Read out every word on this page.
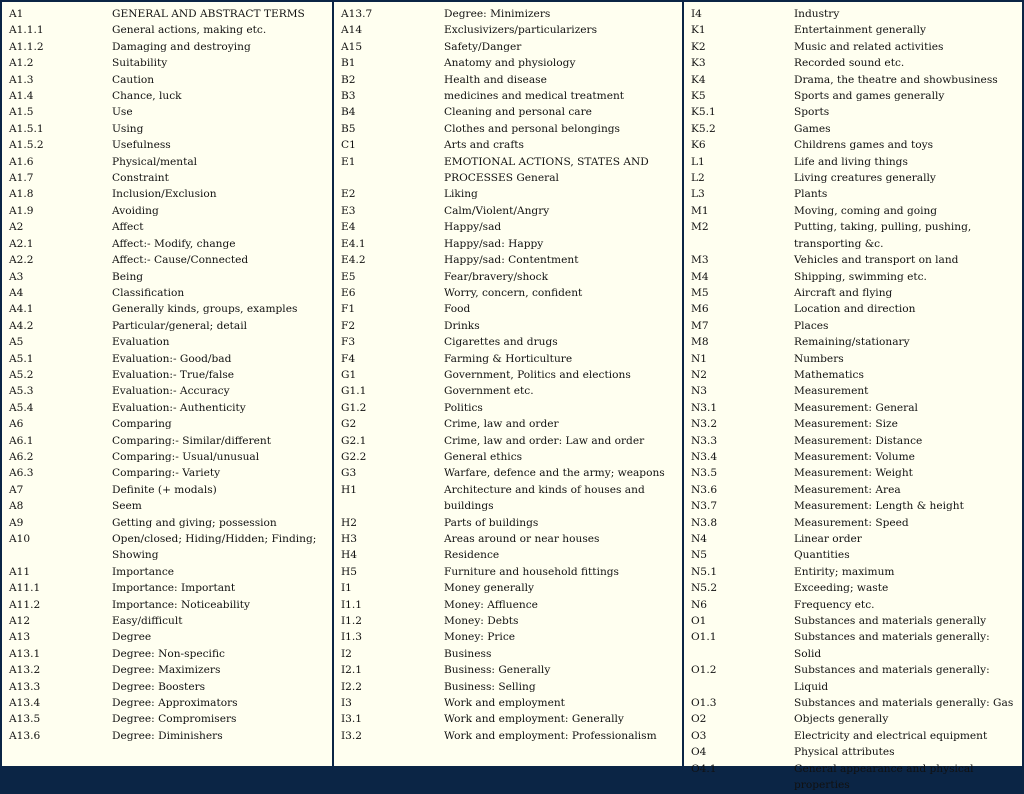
A1	GENERAL AND ABSTRACT TERMS
A1.1.1	General actions, making etc.
A1.1.2	Damaging and destroying
A1.2	Suitability
A1.3	Caution
A1.4	Chance, luck
A1.5	Use
A1.5.1	Using
A1.5.2	Usefulness
A1.6	Physical/mental
A1.7	Constraint
A1.8	Inclusion/Exclusion
A1.9	Avoiding
A2	Affect
A2.1	Affect:- Modify, change
A2.2	Affect:- Cause/Connected
A3	Being
A4	Classification
A4.1	Generally kinds, groups, examples
A4.2	Particular/general; detail
A5	Evaluation
A5.1	Evaluation:- Good/bad
A5.2	Evaluation:- True/false
A5.3	Evaluation:- Accuracy
A5.4	Evaluation:- Authenticity
A6	Comparing
A6.1	Comparing:- Similar/different
A6.2	Comparing:- Usual/unusual
A6.3	Comparing:- Variety
A7	Definite (+ modals)
A8	Seem
A9	Getting and giving; possession
A10	Open/closed; Hiding/Hidden; Finding; Showing
A11	Importance
A11.1	Importance: Important
A11.2	Importance: Noticeability
A12	Easy/difficult
A13	Degree
A13.1	Degree: Non-specific
A13.2	Degree: Maximizers
A13.3	Degree: Boosters
A13.4	Degree: Approximators
A13.5	Degree: Compromisers
A13.6	Degree: Diminishers
A13.7	Degree: Minimizers
A14	Exclusivizers/particularizers
A15	Safety/Danger
B1	Anatomy and physiology
B2	Health and disease
B3	medicines and medical treatment
B4	Cleaning and personal care
B5	Clothes and personal belongings
C1	Arts and crafts
E1	EMOTIONAL ACTIONS, STATES AND PROCESSES General
E2	Liking
E3	Calm/Violent/Angry
E4	Happy/sad
E4.1	Happy/sad: Happy
E4.2	Happy/sad: Contentment
E5	Fear/bravery/shock
E6	Worry, concern, confident
F1	Food
F2	Drinks
F3	Cigarettes and drugs
F4	Farming & Horticulture
G1	Government, Politics and elections
G1.1	Government etc.
G1.2	Politics
G2	Crime, law and order
G2.1	Crime, law and order: Law and order
G2.2	General ethics
G3	Warfare, defence and the army; weapons
H1	Architecture and kinds of houses and buildings
H2	Parts of buildings
H3	Areas around or near houses
H4	Residence
H5	Furniture and household fittings
I1	Money generally
I1.1	Money: Affluence
I1.2	Money: Debts
I1.3	Money: Price
I2	Business
I2.1	Business: Generally
I2.2	Business: Selling
I3	Work and employment
I3.1	Work and employment: Generally
I3.2	Work and employment: Professionalism
I4	Industry
K1	Entertainment generally
K2	Music and related activities
K3	Recorded sound etc.
K4	Drama, the theatre and showbusiness
K5	Sports and games generally
K5.1	Sports
K5.2	Games
K6	Childrens games and toys
L1	Life and living things
L2	Living creatures generally
L3	Plants
M1	Moving, coming and going
M2	Putting, taking, pulling, pushing, transporting &c.
M3	Vehicles and transport on land
M4	Shipping, swimming etc.
M5	Aircraft and flying
M6	Location and direction
M7	Places
M8	Remaining/stationary
N1	Numbers
N2	Mathematics
N3	Measurement
N3.1	Measurement: General
N3.2	Measurement: Size
N3.3	Measurement: Distance
N3.4	Measurement: Volume
N3.5	Measurement: Weight
N3.6	Measurement: Area
N3.7	Measurement: Length & height
N3.8	Measurement: Speed
N4	Linear order
N5	Quantities
N5.1	Entirity; maximum
N5.2	Exceeding; waste
N6	Frequency etc.
O1	Substances and materials generally
O1.1	Substances and materials generally: Solid
O1.2	Substances and materials generally: Liquid
O1.3	Substances and materials generally: Gas
O2	Objects generally
O3	Electricity and electrical equipment
O4	Physical attributes
O4.1	General appearance and physical properties
